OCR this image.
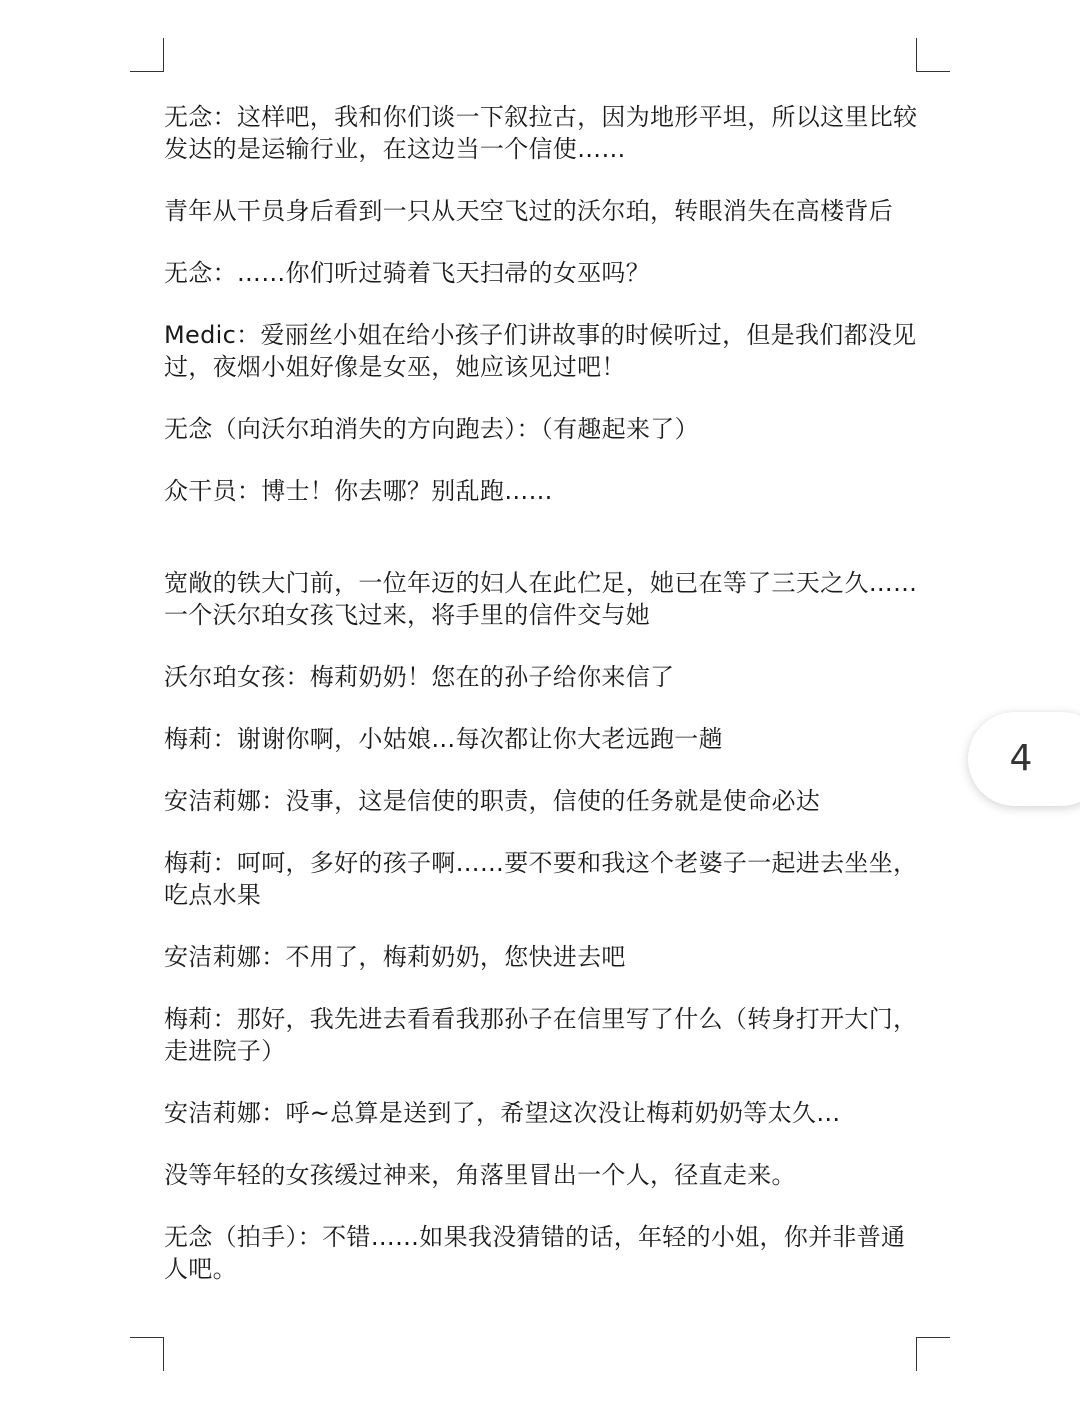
无念：这样吧，我和你们谈一下叙拉古，因为地形平坦，所以这里比较发达的是运输行业，在这边当一个信使……

青年从干员身后看到一只从天空飞过的沃尔珀，转眼消失在高楼背后

无念：……你们听过骑着飞天扫帚的女巫吗？

Medic：爱丽丝小姐在给小孩子们讲故事的时候听过，但是我们都没见过，夜烟小姐好像是女巫，她应该见过吧！

无念（向沃尔珀消失的方向跑去）：（有趣起来了）

众干员：博士！你去哪？别乱跑……

宽敞的铁大门前，一位年迈的妇人在此伫足，她已在等了三天之久……一个沃尔珀女孩飞过来，将手里的信件交与她

沃尔珀女孩：梅莉奶奶！您在的孙子给你来信了

梅莉：谢谢你啊，小姑娘…每次都让你大老远跑一趟

安洁莉娜：没事，这是信使的职责，信使的任务就是使命必达

梅莉：呵呵，多好的孩子啊……要不要和我这个老婆子一起进去坐坐，吃点水果

安洁莉娜：不用了，梅莉奶奶，您快进去吧

梅莉：那好，我先进去看看我那孙子在信里写了什么（转身打开大门，走进院子）

安洁莉娜：呼~总算是送到了，希望这次没让梅莉奶奶等太久…

没等年轻的女孩缓过神来，角落里冒出一个人，径直走来。

无念（拍手）：不错……如果我没猜错的话，年轻的小姐，你并非普通人吧。

4
